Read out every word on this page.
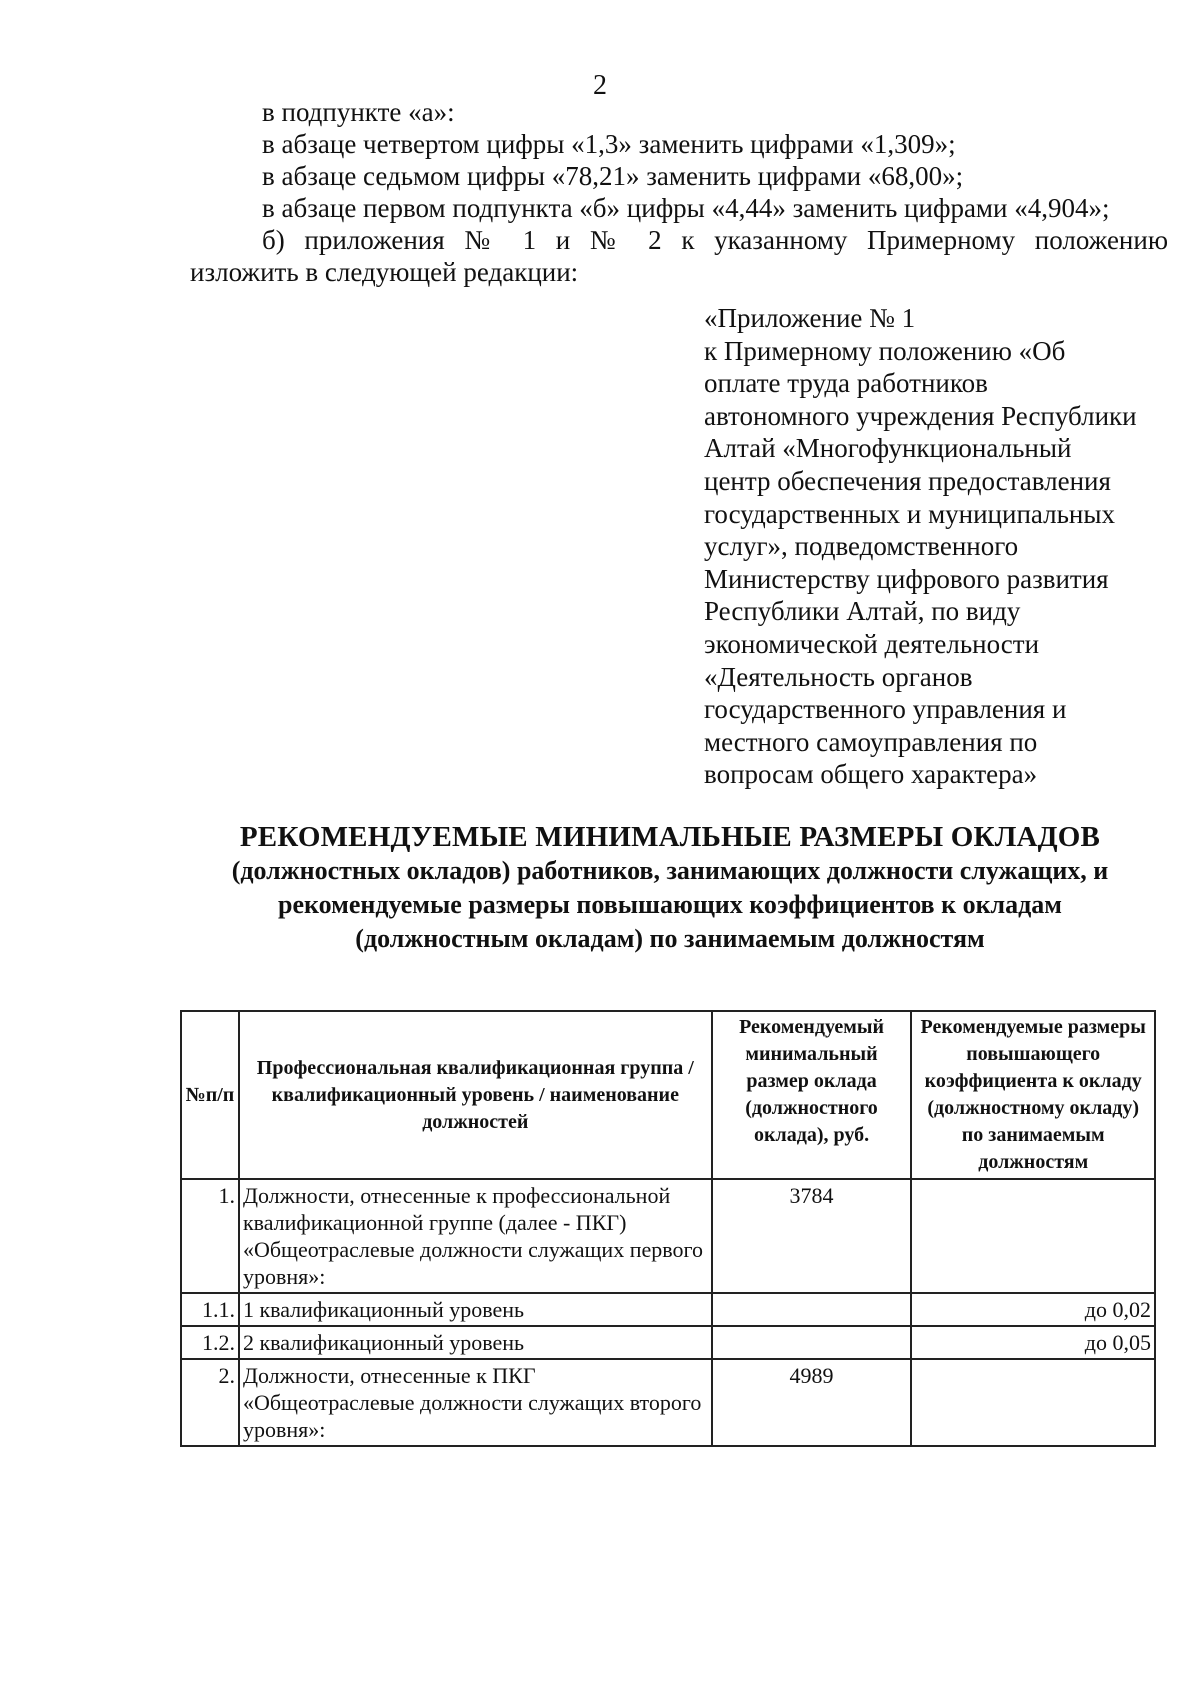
2

в подпункте «а»:

в абзаце четвертом цифры «1,3» заменить цифрами «1,309»;

в абзаце седьмом цифры «78,21» заменить цифрами «68,00»;

в абзаце первом подпункта «б» цифры «4,44» заменить цифрами «4,904»;

б) приложения № 1 и № 2 к указанному Примерному положению

изложить в следующей редакции:

«Приложение № 1
к Примерному положению «Об
оплате труда работников
автономного учреждения Республики
Алтай «Многофункциональный
центр обеспечения предоставления
государственных и муниципальных
услуг», подведомственного
Министерству цифрового развития
Республики Алтай, по виду
экономической деятельности
«Деятельность органов
государственного управления и
местного самоуправления по
вопросам общего характера»
РЕКОМЕНДУЕМЫЕ МИНИМАЛЬНЫЕ РАЗМЕРЫ ОКЛАДОВ
(должностных окладов) работников, занимающих должности служащих, и
рекомендуемые размеры повышающих коэффициентов к окладам
(должностным окладам) по занимаемым должностям
№п/п	Профессиональная квалификационная группа / квалификационный уровень / наименование должностей	Рекомендуемый минимальный размер оклада (должностного оклада), руб.	Рекомендуемые размеры повышающего коэффициента к окладу (должностному окладу) по занимаемым должностям
1.	Должности, отнесенные к профессиональной квалификационной группе (далее - ПКГ) «Общеотраслевые должности служащих первого уровня»:	3784	
1.1.	1 квалификационный уровень		до 0,02
1.2.	2 квалификационный уровень		до 0,05
2.	Должности, отнесенные к ПКГ «Общеотраслевые должности служащих второго уровня»:	4989	
